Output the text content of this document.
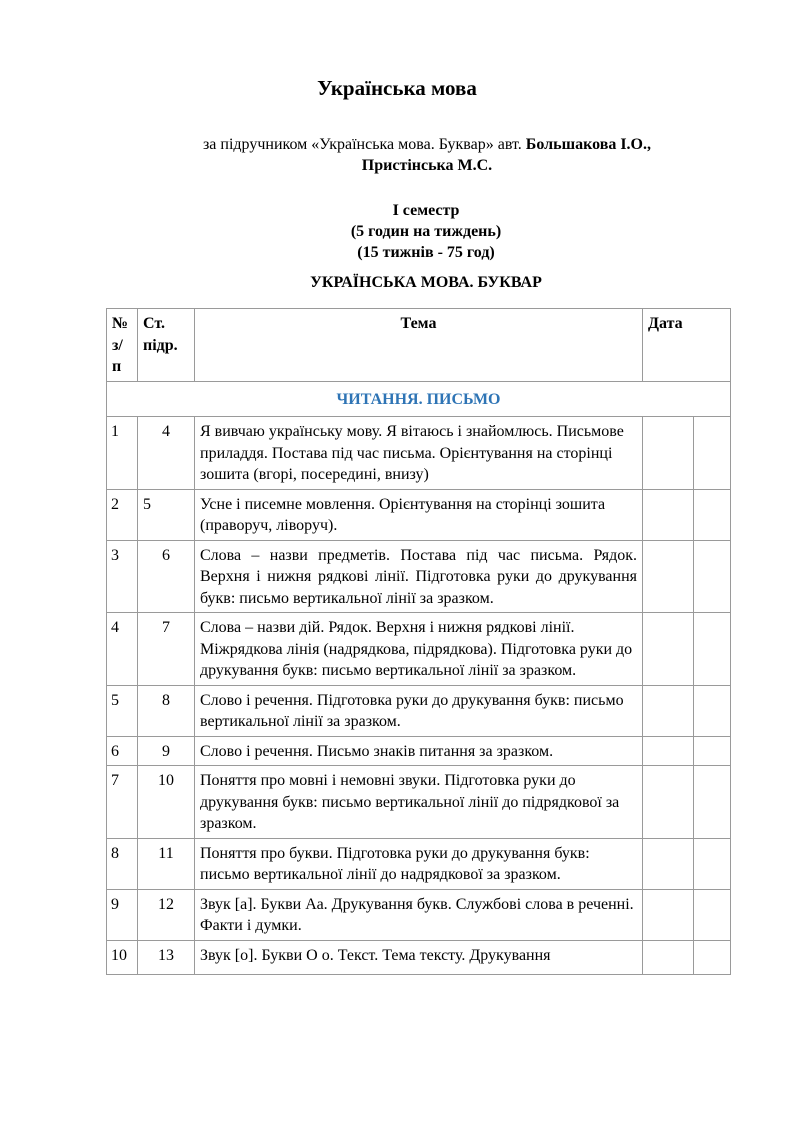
Українська мова
за підручником «Українська мова. Буквар» авт. Большакова І.О.,
Пристінська М.С.
І семестр
(5 годин на тиждень)
(15 тижнів - 75 год)
УКРАЇНСЬКА МОВА. БУКВАР
№ з/п	Ст. підр.	Тема	Дата	
ЧИТАННЯ. ПИСЬМО				
1	4	Я вивчаю українську мову. Я вітаюсь і знайомлюсь. Письмове приладдя. Постава під час письма. Орієнтування на сторінці зошита (вгорі, посередині, внизу)		
2	5	Усне і писемне мовлення. Орієнтування на сторінці зошита (праворуч, ліворуч).		
3	6	Слова – назви предметів. Постава під час письма. Рядок. Верхня і нижня рядкові лінії. Підготовка руки до друкування букв: письмо вертикальної лінії за зразком.		
4	7	Слова – назви дій. Рядок. Верхня і нижня рядкові лінії. Міжрядкова лінія (надрядкова, підрядкова). Підготовка руки до друкування букв: письмо вертикальної лінії за зразком.		
5	8	Слово і речення. Підготовка руки до друкування букв: письмо вертикальної лінії за зразком.		
6	9	Слово і речення. Письмо знаків питання за зразком.		
7	10	Поняття про мовні і немовні звуки. Підготовка руки до друкування букв: письмо вертикальної лінії до підрядкової за зразком.		
8	11	Поняття про букви. Підготовка руки до друкування букв: письмо вертикальної лінії до надрядкової за зразком.		
9	12	Звук [а]. Букви Аа. Друкування букв. Службові слова в реченні. Факти і думки.		
10	13	Звук [о]. Букви О о. Текст. Тема тексту. Друкування		
